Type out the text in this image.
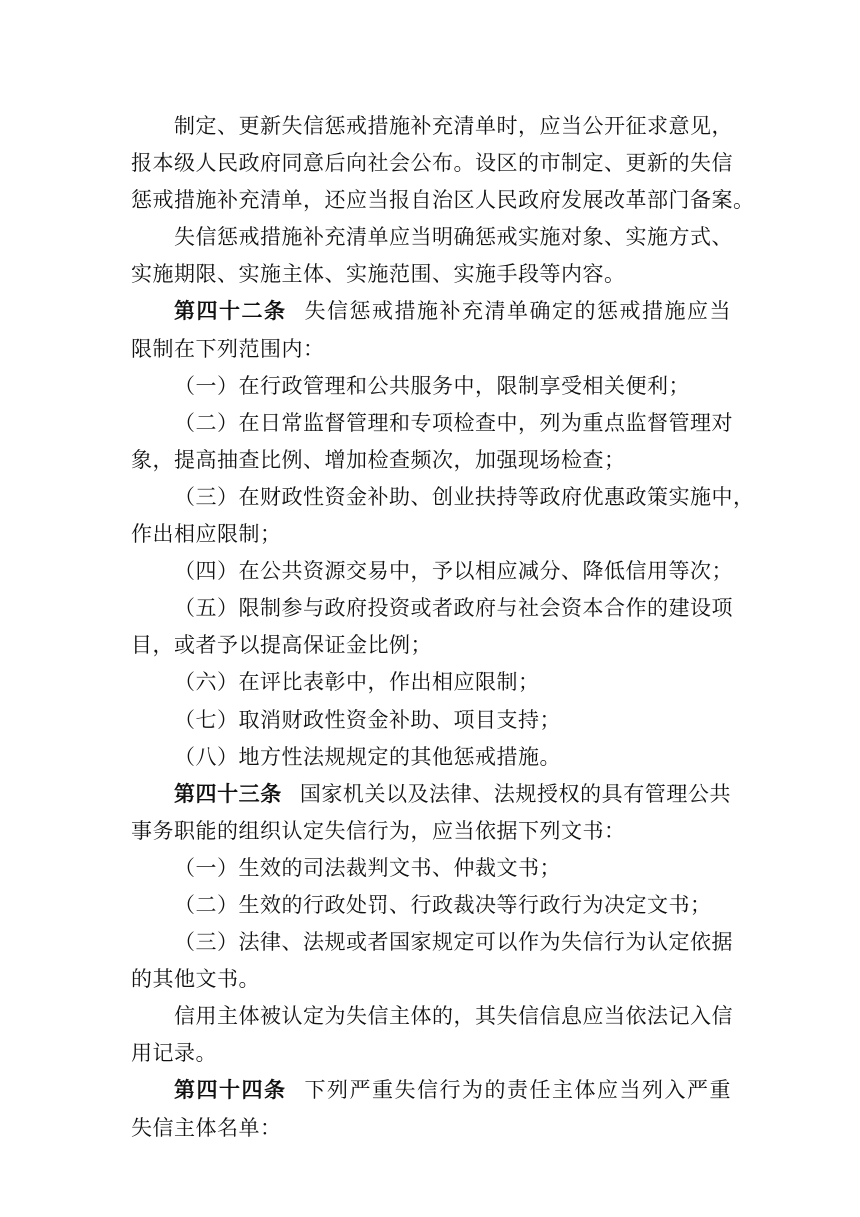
制定、更新失信惩戒措施补充清单时，应当公开征求意见，
报本级人民政府同意后向社会公布。设区的市制定、更新的失信
惩戒措施补充清单，还应当报自治区人民政府发展改革部门备案。
失信惩戒措施补充清单应当明确惩戒实施对象、实施方式、
实施期限、实施主体、实施范围、实施手段等内容。
第四十二条 失信惩戒措施补充清单确定的惩戒措施应当
限制在下列范围内：
（一）在行政管理和公共服务中，限制享受相关便利；
（二）在日常监督管理和专项检查中，列为重点监督管理对
象，提高抽查比例、增加检查频次，加强现场检查；
（三）在财政性资金补助、创业扶持等政府优惠政策实施中，
作出相应限制；
（四）在公共资源交易中，予以相应减分、降低信用等次；
（五）限制参与政府投资或者政府与社会资本合作的建设项
目，或者予以提高保证金比例；
（六）在评比表彰中，作出相应限制；
（七）取消财政性资金补助、项目支持；
（八）地方性法规规定的其他惩戒措施。
第四十三条 国家机关以及法律、法规授权的具有管理公共
事务职能的组织认定失信行为，应当依据下列文书：
（一）生效的司法裁判文书、仲裁文书；
（二）生效的行政处罚、行政裁决等行政行为决定文书；
（三）法律、法规或者国家规定可以作为失信行为认定依据
的其他文书。
信用主体被认定为失信主体的，其失信信息应当依法记入信
用记录。
第四十四条 下列严重失信行为的责任主体应当列入严重
失信主体名单：
